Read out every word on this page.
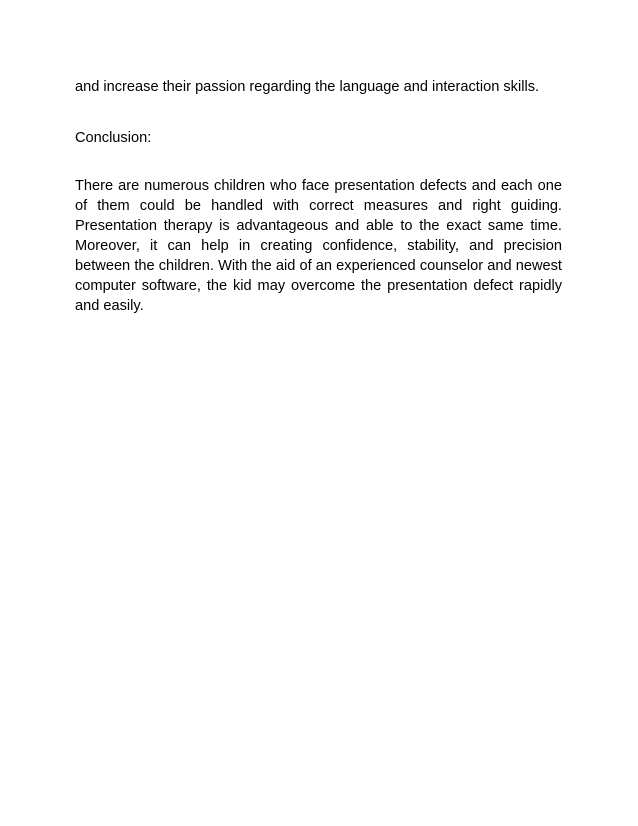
and increase their passion regarding the language and interaction skills.

Conclusion:

There are numerous children who face presentation defects and each one of them could be handled with correct measures and right guiding. Presentation therapy is advantageous and able to the exact same time. Moreover, it can help in creating confidence, stability, and precision between the children. With the aid of an experienced counselor and newest computer software, the kid may overcome the presentation defect rapidly and easily.
